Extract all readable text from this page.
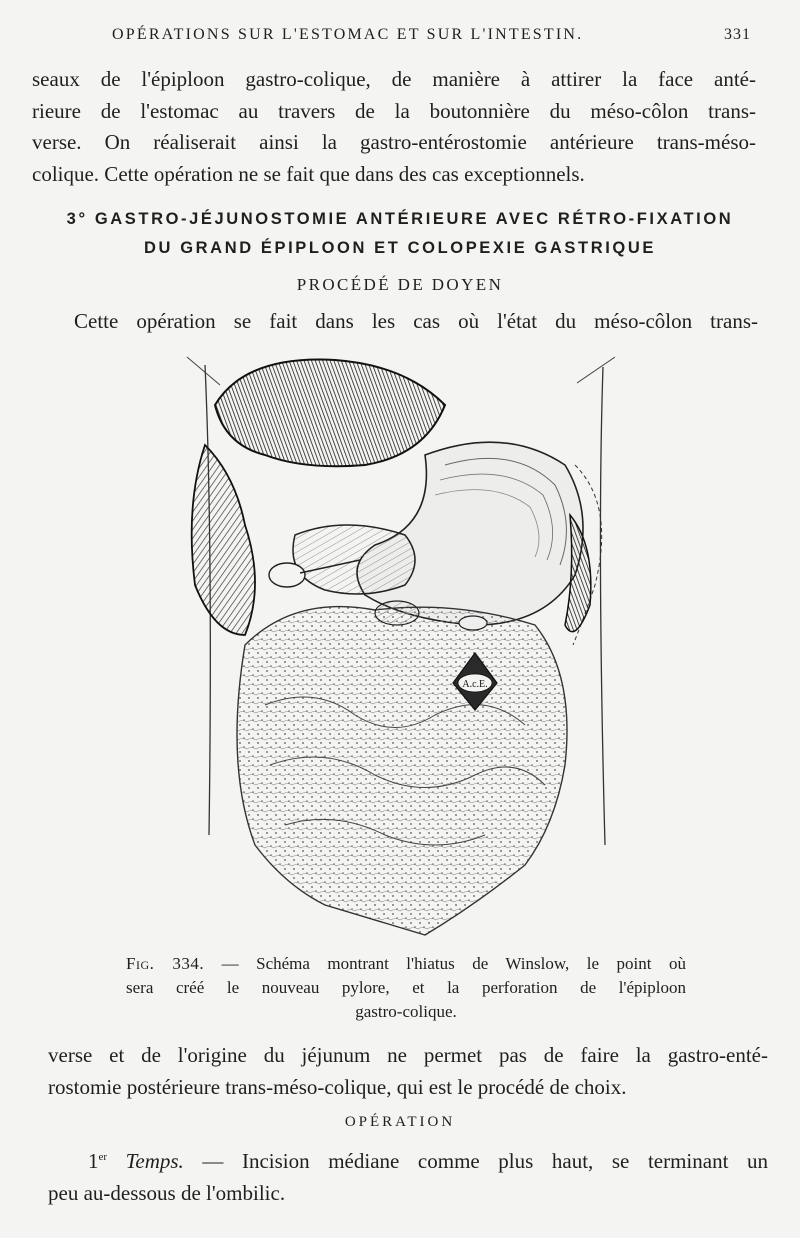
OPÉRATIONS SUR L'ESTOMAC ET SUR L'INTESTIN.	331

seaux de l'épiploon gastro-colique, de manière à attirer la face anté-
rieure de l'estomac au travers de la boutonnière du méso-côlon trans-
verse. On réaliserait ainsi la gastro-entérostomie antérieure trans-méso-
colique. Cette opération ne se fait que dans des cas exceptionnels.

3° GASTRO-JÉJUNOSTOMIE ANTÉRIEURE AVEC RÉTRO-FIXATION
DU GRAND ÉPIPLOON ET COLOPEXIE GASTRIQUE
PROCÉDÉ DE DOYEN

Cette opération se fait dans les cas où l'état du méso-côlon trans-

A.c.E.
Fig. 334. — Schéma montrant l'hiatus de Winslow, le point où
sera créé le nouveau pylore, et la perforation de l'épiploon
gastro-colique.

verse et de l'origine du jéjunum ne permet pas de faire la gastro-enté-
rostomie postérieure trans-méso-colique, qui est le procédé de choix.

OPÉRATION

1er Temps. — Incision médiane comme plus haut, se terminant un
peu au-dessous de l'ombilic.
